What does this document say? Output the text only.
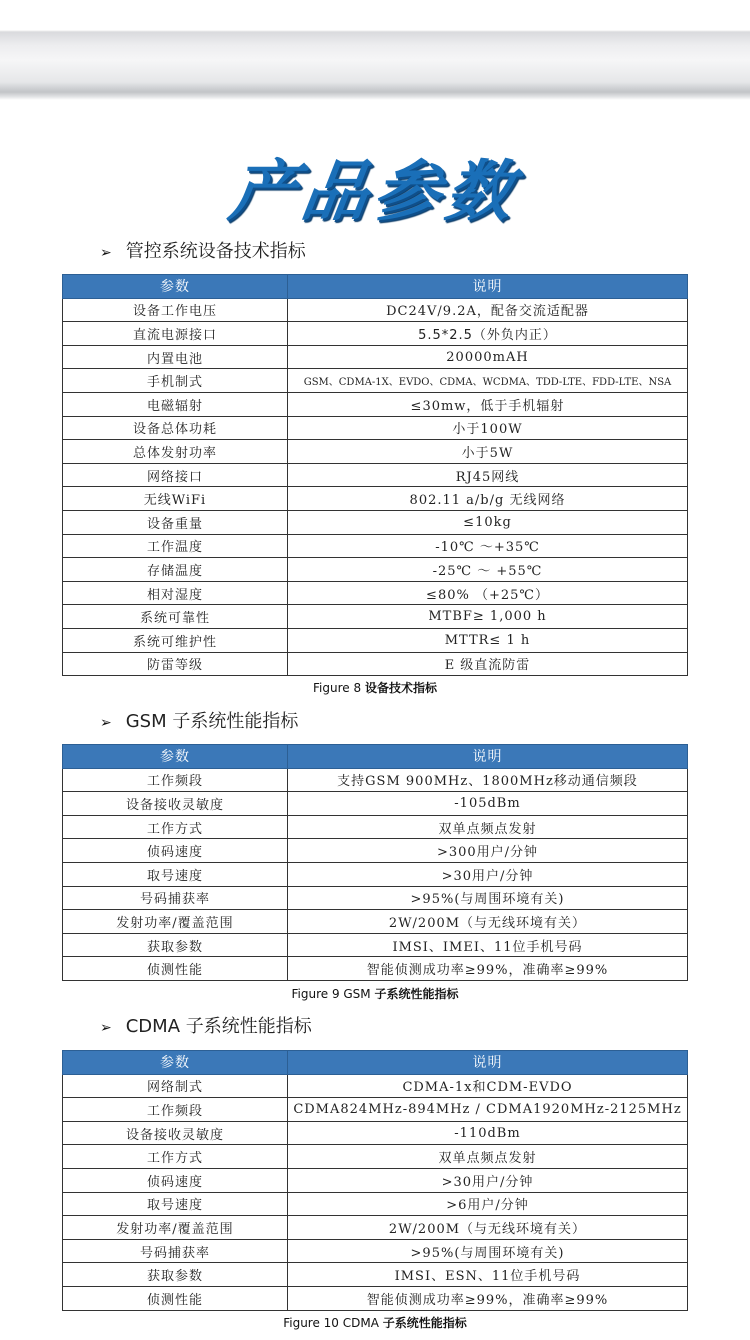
产品参数
➢ 管控系统设备技术指标
参数	说明
设备工作电压	DC24V/9.2A，配备交流适配器
直流电源接口	5.5*2.5（外负内正）
内置电池	20000mAH
手机制式	GSM、CDMA-1X、EVDO、CDMA、WCDMA、TDD-LTE、FDD-LTE、NSA
电磁辐射	≤30mw，低于手机辐射
设备总体功耗	小于100W
总体发射功率	小于5W
网络接口	RJ45网线
无线WiFi	802.11 a/b/g 无线网络
设备重量	≤10kg
工作温度	-10℃ ～+35℃
存储温度	-25℃ ～ +55℃
相对湿度	≤80% （+25℃）
系统可靠性	MTBF≥ 1,000 h
系统可维护性	MTTR≤ 1 h
防雷等级	E 级直流防雷
Figure 8 设备技术指标
➢ GSM 子系统性能指标
参数	说明
工作频段	支持GSM 900MHz、1800MHz移动通信频段
设备接收灵敏度	-105dBm
工作方式	双单点频点发射
侦码速度	>300用户/分钟
取号速度	>30用户/分钟
号码捕获率	>95%(与周围环境有关)
发射功率/覆盖范围	2W/200M（与无线环境有关）
获取参数	IMSI、IMEI、11位手机号码
侦测性能	智能侦测成功率≥99%，准确率≥99%
Figure 9 GSM 子系统性能指标
➢ CDMA 子系统性能指标
参数	说明
网络制式	CDMA-1x和CDM-EVDO
工作频段	CDMA824MHz-894MHz / CDMA1920MHz-2125MHz
设备接收灵敏度	-110dBm
工作方式	双单点频点发射
侦码速度	>30用户/分钟
取号速度	>6用户/分钟
发射功率/覆盖范围	2W/200M（与无线环境有关）
号码捕获率	>95%(与周围环境有关)
获取参数	IMSI、ESN、11位手机号码
侦测性能	智能侦测成功率≥99%，准确率≥99%
Figure 10 CDMA 子系统性能指标
